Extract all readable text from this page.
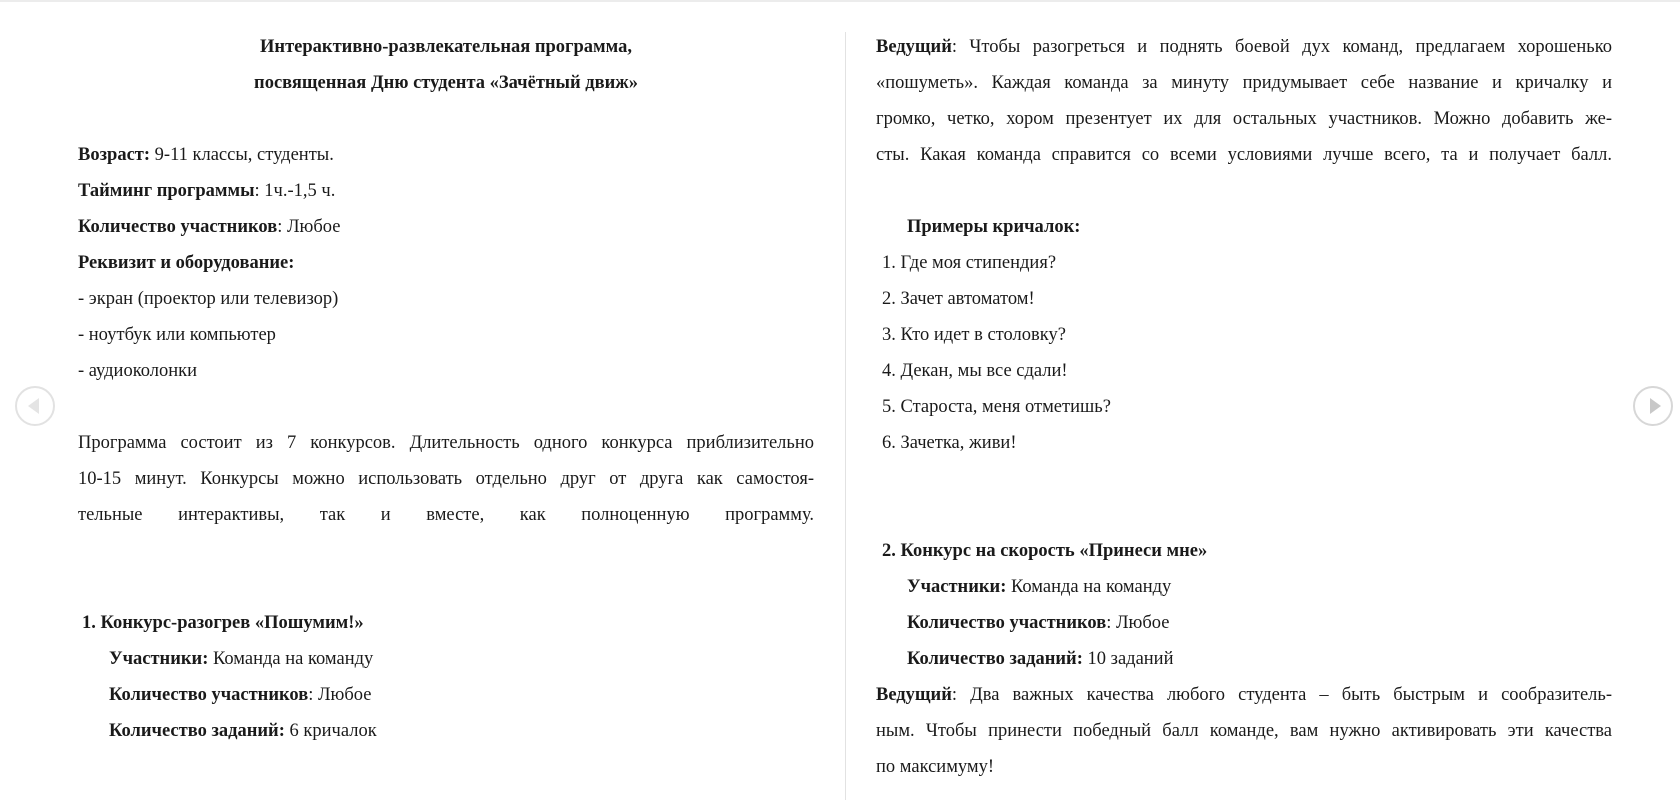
Интерактивно-развлекательная программа,
посвященная Дню студента «Зачётный движ»
Возраст: 9-11 классы, студенты.
Тайминг программы: 1ч.-1,5 ч.
Количество участников: Любое
Реквизит и оборудование:
- экран (проектор или телевизор)
- ноутбук или компьютер
- аудиоколонки
Программа состоит из 7 конкурсов. Длительность одного конкурса приблизительно
10-15 минут. Конкурсы можно использовать отдельно друг от друга как самостоя-
тельные интерактивы, так и вместе, как полноценную программу.
1. Конкурс-разогрев «Пошумим!»
Участники: Команда на команду
Количество участников: Любое
Количество заданий: 6 кричалок
Ведущий: Чтобы разогреться и поднять боевой дух команд, предлагаем хорошенько
«пошуметь». Каждая команда за минуту придумывает себе название и кричалку и
громко, четко, хором презентует их для остальных участников. Можно добавить же-
сты. Какая команда справится со всеми условиями лучше всего, та и получает балл.
Примеры кричалок:
1. Где моя стипендия?
2. Зачет автоматом!
3. Кто идет в столовку?
4. Декан, мы все сдали!
5. Староста, меня отметишь?
6. Зачетка, живи!
2. Конкурс на скорость «Принеси мне»
Участники: Команда на команду
Количество участников: Любое
Количество заданий: 10 заданий
Ведущий: Два важных качества любого студента – быть быстрым и сообразитель-
ным. Чтобы принести победный балл команде, вам нужно активировать эти качества
по максимуму!
